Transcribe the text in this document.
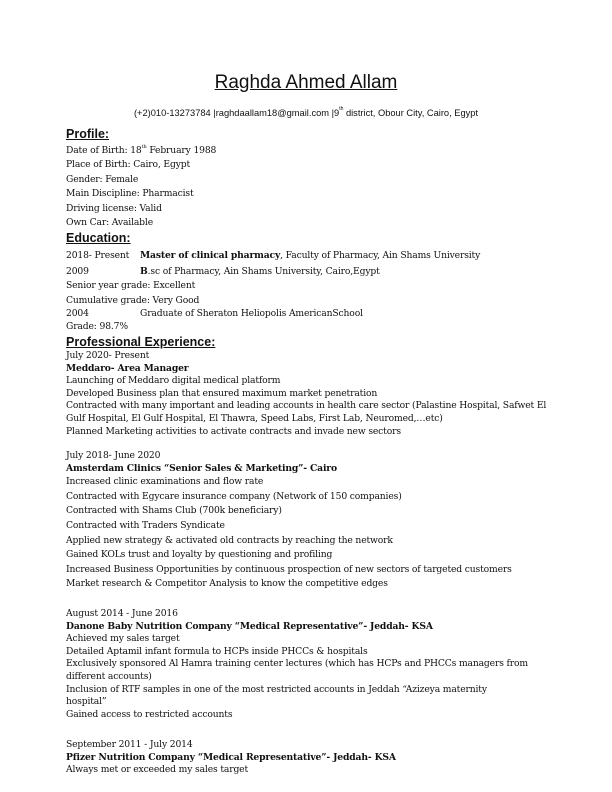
Raghda Ahmed Allam
(+2)010-13273784 |raghdaallam18@gmail.com |9th district, Obour City, Cairo, Egypt
Profile:
Date of Birth: 18th February 1988
Place of Birth: Cairo, Egypt
Gender: Female
Main Discipline: Pharmacist
Driving license: Valid
Own Car: Available
Education:
2018- Present	Master of clinical pharmacy, Faculty of Pharmacy, Ain Shams University
2009	B.sc of Pharmacy, Ain Shams University, Cairo,Egypt
Senior year grade: Excellent
Cumulative grade: Very Good
2004	Graduate of Sheraton Heliopolis AmericanSchool
Grade: 98.7%
Professional Experience:
July 2020- Present
Meddaro- Area Manager
Launching of Meddaro digital medical platform
Developed Business plan that ensured maximum market penetration
Contracted with many important and leading accounts in health care sector (Palastine Hospital, Safwet El Gulf Hospital, El Gulf Hospital, El Thawra, Speed Labs, First Lab, Neuromed,…etc)
Planned Marketing activities to activate contracts and invade new sectors
July 2018- June 2020
Amsterdam Clinics “Senior Sales & Marketing”- Cairo
Increased clinic examinations and flow rate
Contracted with Egycare insurance company (Network of 150 companies)
Contracted with Shams Club (700k beneficiary)
Contracted with Traders Syndicate
Applied new strategy & activated old contracts by reaching the network
Gained KOLs trust and loyalty by questioning and profiling
Increased Business Opportunities by continuous prospection of new sectors of targeted customers
Market research & Competitor Analysis to know the competitive edges
August 2014 - June 2016
Danone Baby Nutrition Company “Medical Representative”- Jeddah- KSA
Achieved my sales target
Detailed Aptamil infant formula to HCPs inside PHCCs & hospitals
Exclusively sponsored Al Hamra training center lectures (which has HCPs and PHCCs managers from different accounts)
Inclusion of RTF samples in one of the most restricted accounts in Jeddah “Azizeya maternity hospital”
Gained access to restricted accounts
September 2011 - July 2014
Pfizer Nutrition Company “Medical Representative”- Jeddah- KSA
Always met or exceeded my sales target
